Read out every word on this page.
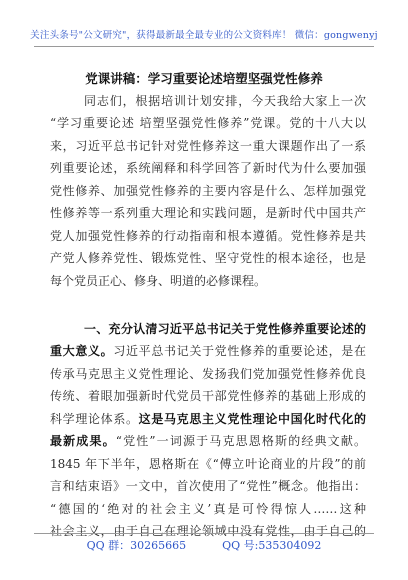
关注头条号"公文研究"，获得最新最全最专业的公文资料库！ 微信：gongwenyj
党课讲稿：学习重要论述培塑坚强党性修养
同志们，根据培训计划安排，今天我给大家上一次
“学习重要论述 培塑坚强党性修养”党课。党的十八大以
来，习近平总书记针对党性修养这一重大课题作出了一系
列重要论述，系统阐释和科学回答了新时代为什么要加强
党性修养、加强党性修养的主要内容是什么、怎样加强党
性修养等一系列重大理论和实践问题，是新时代中国共产
党人加强党性修养的行动指南和根本遵循。党性修养是共
产党人修养党性、锻炼党性、坚守党性的根本途径，也是
每个党员正心、修身、明道的必修课程。
一、充分认清习近平总书记关于党性修养重要论述的
重大意义。习近平总书记关于党性修养的重要论述，是在
传承马克思主义党性理论、发扬我们党加强党性修养优良
传统、着眼加强新时代党员干部党性修养的基础上形成的
科学理论体系。这是马克思主义党性理论中国化时代化的
最新成果。“党性”一词源于马克思恩格斯的经典文献。
1845 年下半年，恩格斯在《“傅立叶论商业的片段”的前
言和结束语》一文中，首次使用了“党性”概念。他指出：
“德国的‘绝对的社会主义’真是可怜得惊人……这种
社会主义，由于自己在理论领域中没有党性，由于自己的
QQ 群：30265665	QQ 号:535304092
